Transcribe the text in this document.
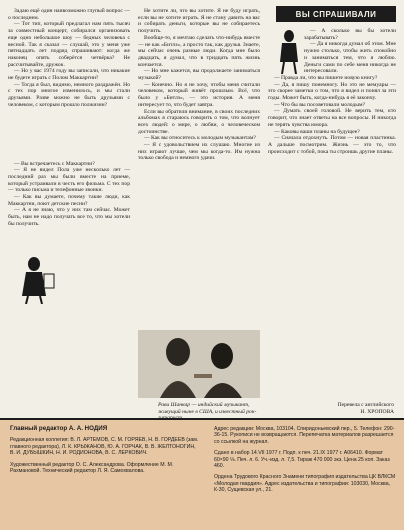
ВЫ СПРАШИВАЛИ

Задаю ещё один наивозможно глупый вопрос — о последнем.

— Тот тип, который предлагал нам пять тысяч за совместный концерт, собирался организовать еще одно небольшое шоу — бедных человека с весной. Так я сказал — слушай, это у меня уже пятнадцать лет подряд спрашивают: когда же наконец опять соберётся четвёрка? Не рассчитывайте, дружок.

— Но у вас 1974 году вы записали, что никакие не будете играть с Полом Маккартни?

— Тогда я был, видимо, немного раздражён. Но с тех пор многое изменилось, и мы стали друзьями. Разве можно не быть друзьями с человеком, с которым прошло полжизни?

— Вы встречаетесь с Маккартни?

— Я не видел Пола уже несколько лет — последний раз мы были вместе на приеме, который устраивали в честь его фильма. С тех пор — только письма и телефонные звонки.

— Как вы думаете, почему такие люди, как Маккартни, поют детские песни?

— А я не знаю, что у них там сейчас. Может быть, нам не надо получать все то, что мы хотели бы получить.

Не хотите ли, что вы хотите. Я не буду играть, если вы не хотите играть. Я не стану давить на вас и собирать деньги, которые вы не собираетесь получить.

Вообще-то, я мечтаю сделать что-нибудь вместе — не как «Битлз», а просто так, как друзья. Знаете, мы сейчас очень разные люди. Когда мне было двадцать, я думал, что в тридцать пять жизнь кончается.

— Но мне кажется, вы продолжаете заниматься музыкой?

— Конечно. Но я не хочу, чтобы меня считали человеком, который живёт прошлым. Всё, что было у «Битлз», — это история. А меня интересует то, что будет завтра.

Если вы обратили внимание, в своих последних альбомах я стараюсь говорить о том, что волнует всех людей: о мире, о любви, о человеческом достоинстве.

— Как вы относитесь к молодым музыкантам?

— Я с удовольствием их слушаю. Многие из них играют лучше, чем мы когда-то. Им нужна только свобода и немного удачи.

Рави Шанкар — индийский музыкант, живущий ныне в США, и известный рок-

— А сколько вы бы хотели зарабатывать?

— Да я никогда думал об этом. Мне нужно столько, чтобы жить спокойно и заниматься тем, что я люблю. Деньги сами по себе меня никогда не интересовали.

— Правда ли, что вы пишете новую книгу?

— Да, я пишу понемногу. Но это не мемуары — это скорее заметки о том, что я видел и понял за эти годы. Может быть, когда-нибудь я её закончу.

— Что бы вы посоветовали молодым?

— Думать своей головой. Не верить тем, кто говорит, что знает ответы на все вопросы. И никогда не терять чувства юмора.

— Каковы ваши планы на будущее?

— Сначала отдохнуть. Потом — новая пластинка. А дальше посмотрим. Жизнь — это то, что происходит с тобой, пока ты строишь другие планы.

Перевела с английского
Н. ХРОПОВА
Главный редактор А. А. НОДИЯ
Редакционная коллегия: В. Л. АРТЕМОВ, С. М. ГОРЯЕВ, Н. В. ГОРДЕЕВ (зам. главного редактора), Л. К. КРЫЖАНОВ, Ю. А. ГОРЧАК, В. В. ЖЕЛТОНОГИН, В. И. ДУБЫШКИН, Н. И. РОДИОНОВА, В. С. ЛЕРКОВИЧ.
Художественный редактор О. С. Александрова. Оформление М. М. Рахмановой. Технический редактор Л. Я. Самохвалова.
Адрес редакции: Москва, 103104, Спиридоньевский пер., 5. Телефон: 290-36-15. Рукописи не возвращаются. Перепечатка материалов разрешается со ссылкой на журнал.
Сдано в набор 14.VII 1977 г. Подп. к печ. 21.IX 1977 г. А06410. Формат 60×90 ⅛. Печ. л. 6. Уч.-изд. л. 7,5. Тираж 470 000 экз. Цена 25 коп. Заказ 460.
Ордена Трудового Красного Знамени типография издательства ЦК ВЛКСМ «Молодая гвардия». Адрес издательства и типографии: 103030, Москва, К-30, Сущевская ул., 21.
